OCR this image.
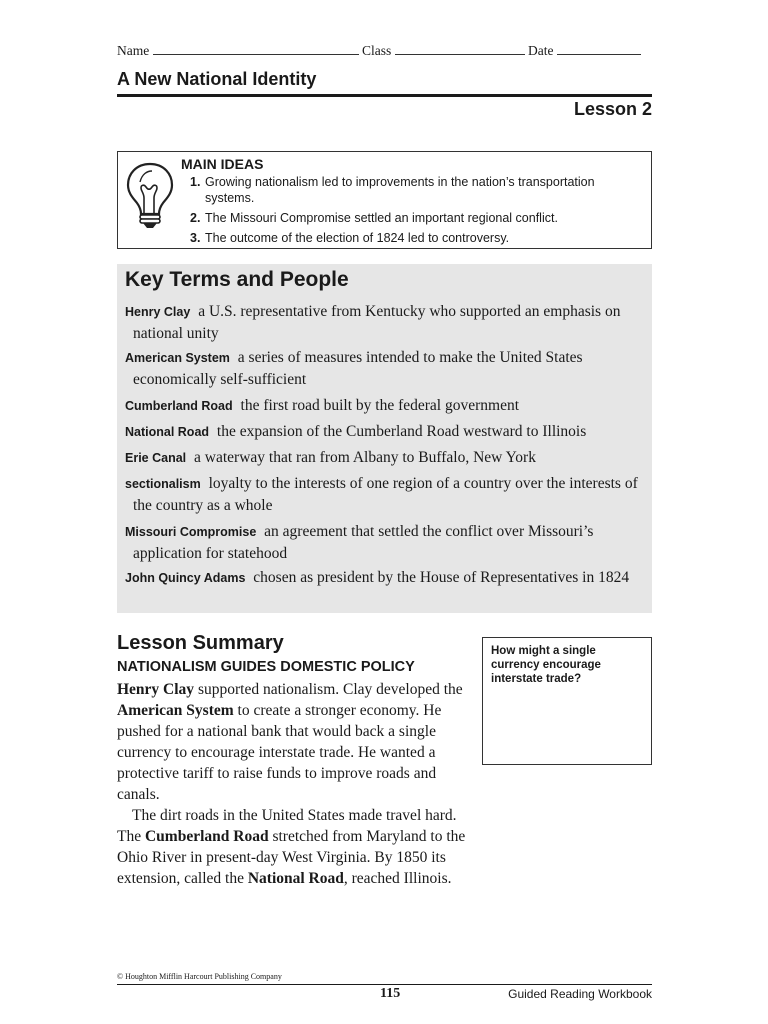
Name	Class	Date
A New National Identity
Lesson 2
MAIN IDEAS
1. Growing nationalism led to improvements in the nation’s transportation systems.
2. The Missouri Compromise settled an important regional conflict.
3. The outcome of the election of 1824 led to controversy.
Key Terms and People
Henry Clay a U.S. representative from Kentucky who supported an emphasis on national unity
American System a series of measures intended to make the United States economically self-sufficient
Cumberland Road the first road built by the federal government
National Road the expansion of the Cumberland Road westward to Illinois
Erie Canal a waterway that ran from Albany to Buffalo, New York
sectionalism loyalty to the interests of one region of a country over the interests of the country as a whole
Missouri Compromise an agreement that settled the conflict over Missouri’s application for statehood
John Quincy Adams chosen as president by the House of Representatives in 1824
Lesson Summary
NATIONALISM GUIDES DOMESTIC POLICY

Henry Clay supported nationalism. Clay developed the American System to create a stronger economy. He pushed for a national bank that would back a single currency to encourage interstate trade. He wanted a protective tariff to raise funds to improve roads and canals.

The dirt roads in the United States made travel hard. The Cumberland Road stretched from Maryland to the Ohio River in present-day West Virginia. By 1850 its extension, called the National Road, reached Illinois.

How might a single currency encourage interstate trade?
© Houghton Mifflin Harcourt Publishing Company
115	Guided Reading Workbook
